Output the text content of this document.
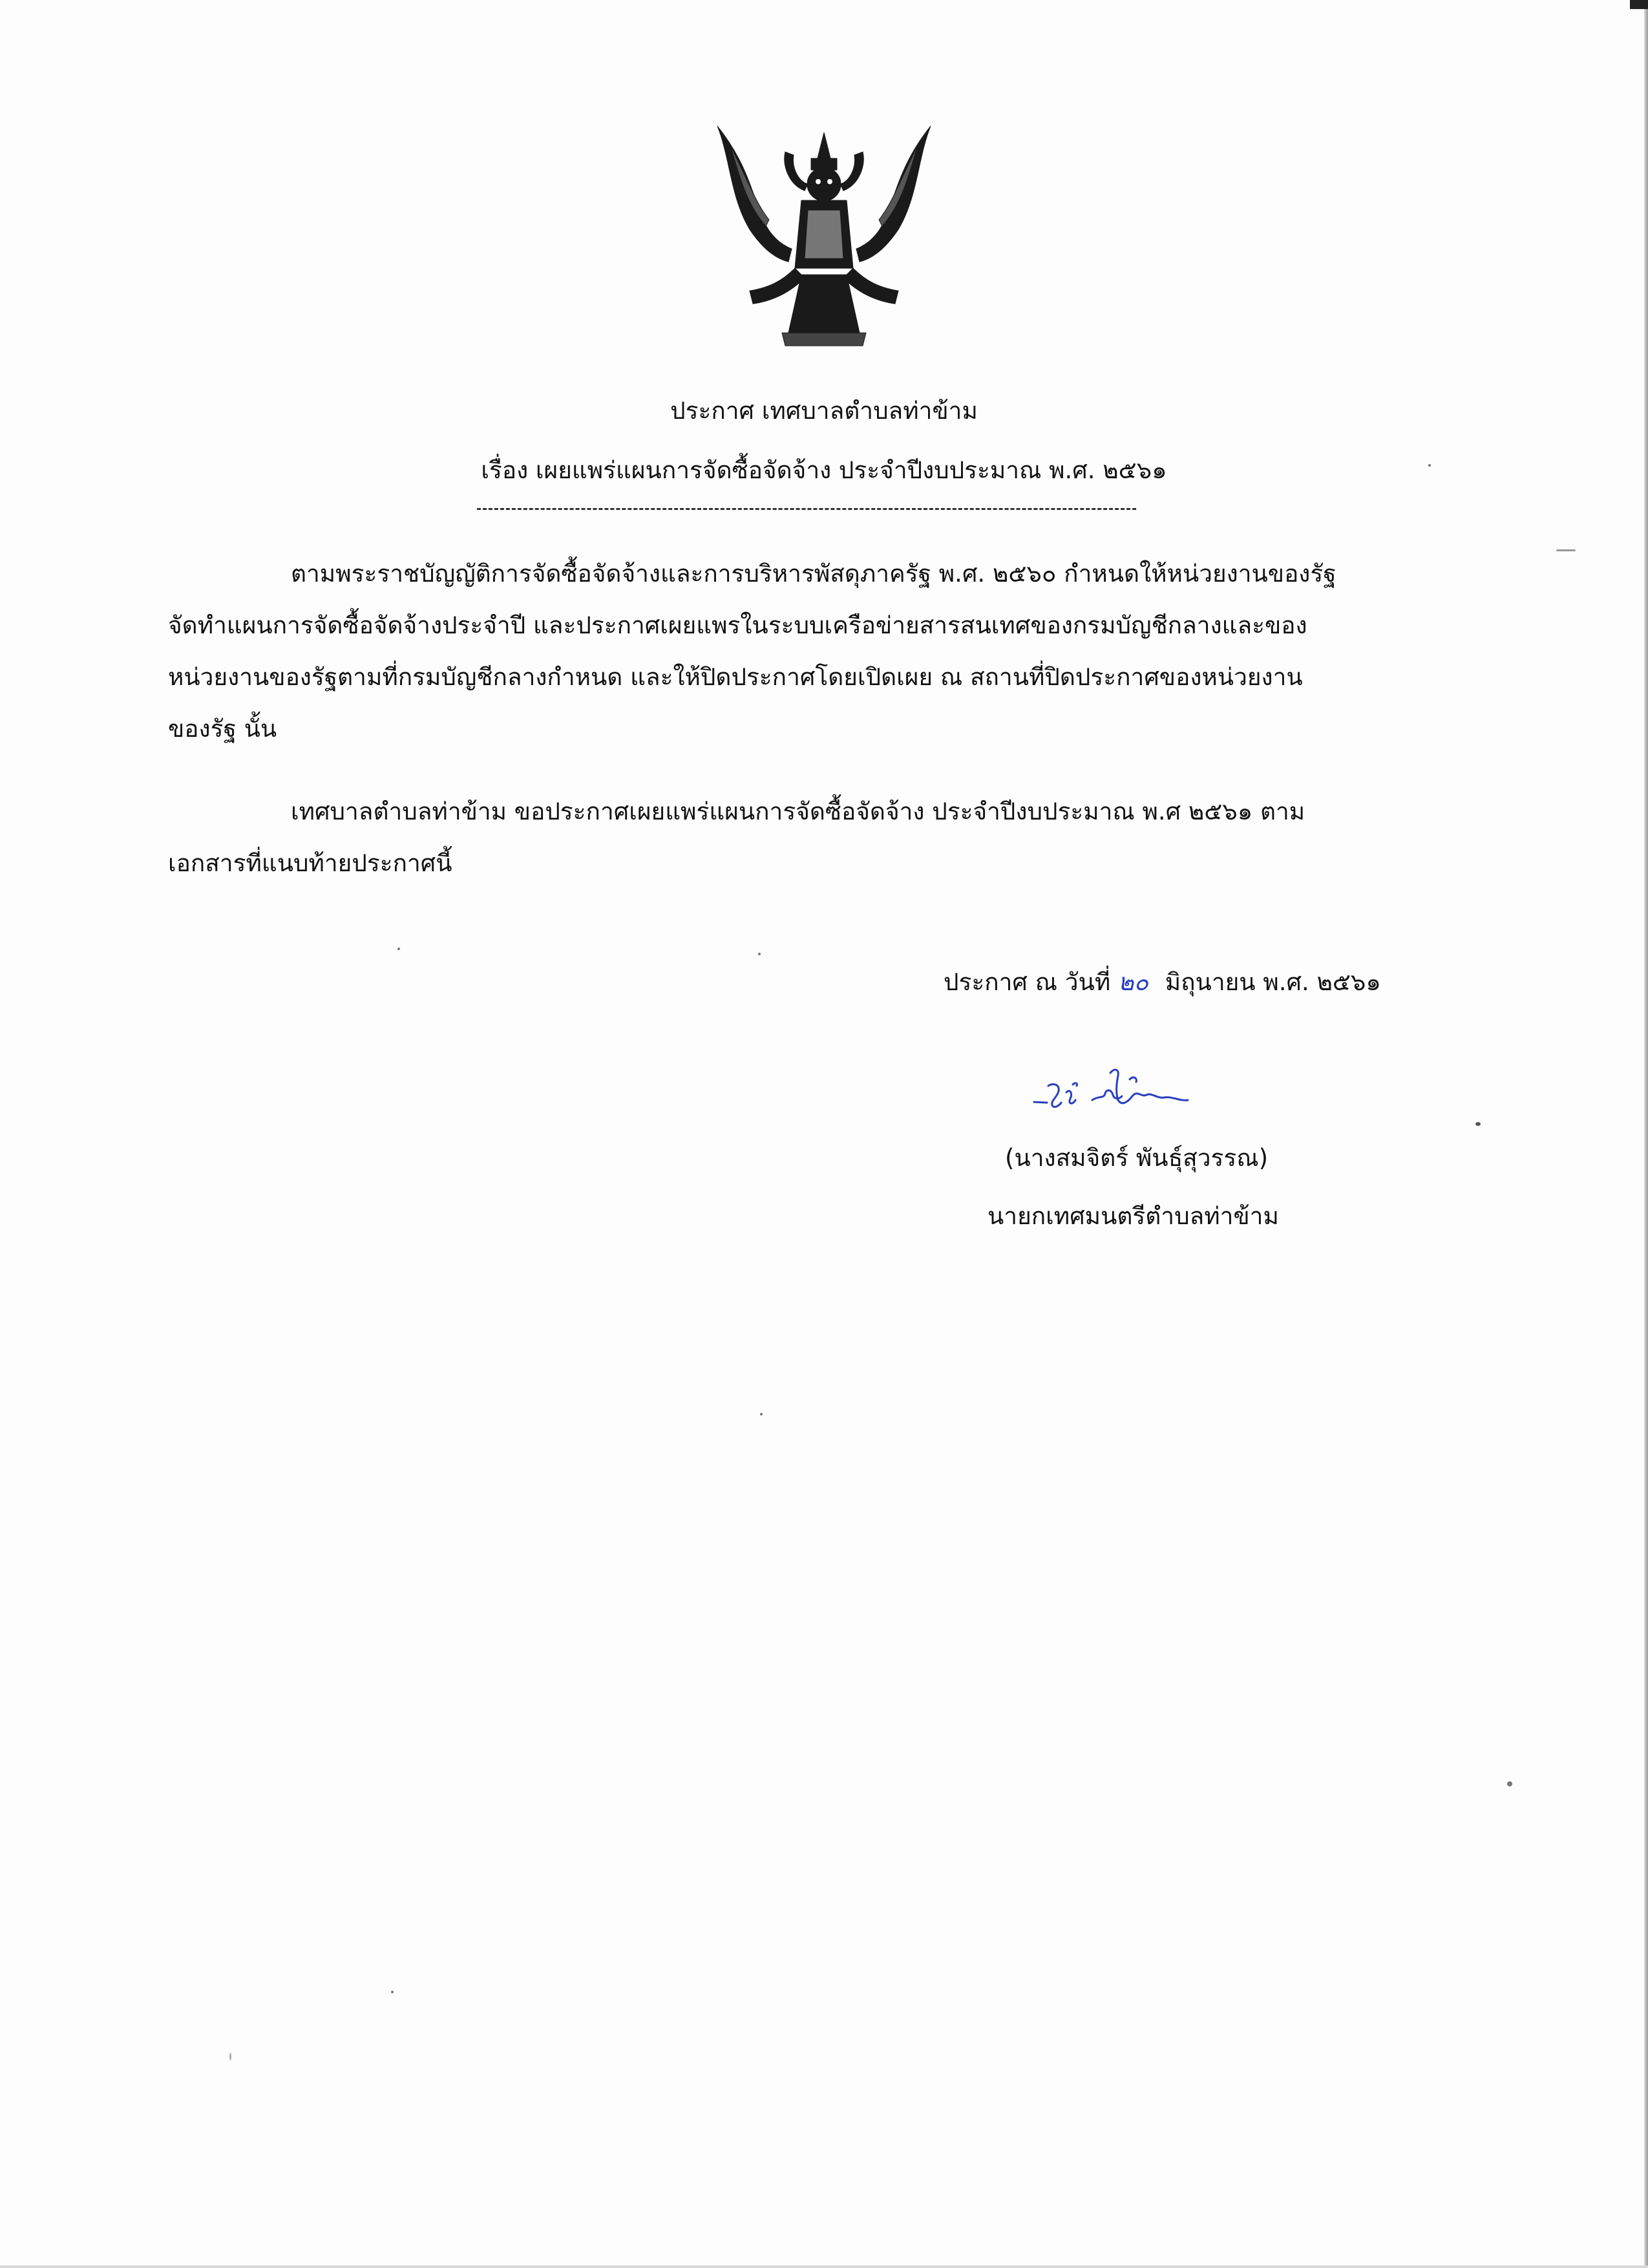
ประกาศ เทศบาลตำบลท่าข้าม
เรื่อง เผยแพร่แผนการจัดซื้อจัดจ้าง ประจำปีงบประมาณ พ.ศ. ๒๕๖๑
ตามพระราชบัญญัติการจัดซื้อจัดจ้างและการบริหารพัสดุภาครัฐ พ.ศ. ๒๕๖๐ กำหนดให้หน่วยงานของรัฐ
จัดทำแผนการจัดซื้อจัดจ้างประจำปี และประกาศเผยแพรในระบบเครือข่ายสารสนเทศของกรมบัญชีกลางและของ
หน่วยงานของรัฐตามที่กรมบัญชีกลางกำหนด และให้ปิดประกาศโดยเปิดเผย ณ สถานที่ปิดประกาศของหน่วยงาน
ของรัฐ นั้น
เทศบาลตำบลท่าข้าม ขอประกาศเผยแพร่แผนการจัดซื้อจัดจ้าง ประจำปีงบประมาณ พ.ศ ๒๕๖๑ ตาม
เอกสารที่แนบท้ายประกาศนี้
ประกาศ ณ วันที่ ๒๐ มิถุนายน พ.ศ. ๒๕๖๑
(นางสมจิตร์ พันธุ์สุวรรณ)
นายกเทศมนตรีตำบลท่าข้าม
